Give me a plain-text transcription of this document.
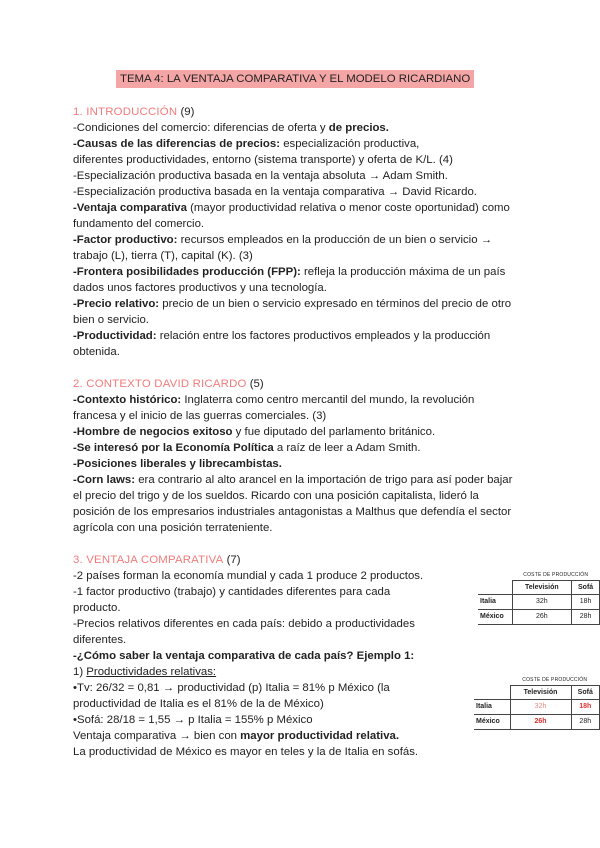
TEMA 4: LA VENTAJA COMPARATIVA Y EL MODELO RICARDIANO
1. INTRODUCCIÓN (9)
-Condiciones del comercio: diferencias de oferta y de precios.
-Causas de las diferencias de precios: especialización productiva,
diferentes productividades, entorno (sistema transporte) y oferta de K/L. (4)
-Especialización productiva basada en la ventaja absoluta → Adam Smith.
-Especialización productiva basada en la ventaja comparativa → David Ricardo.
-Ventaja comparativa (mayor productividad relativa o menor coste oportunidad) como
fundamento del comercio.
-Factor productivo: recursos empleados en la producción de un bien o servicio →
trabajo (L), tierra (T), capital (K). (3)
-Frontera posibilidades producción (FPP): refleja la producción máxima de un país
dados unos factores productivos y una tecnología.
-Precio relativo: precio de un bien o servicio expresado en términos del precio de otro
bien o servicio.
-Productividad: relación entre los factores productivos empleados y la producción
obtenida.
2. CONTEXTO DAVID RICARDO (5)
-Contexto histórico: Inglaterra como centro mercantil del mundo, la revolución
francesa y el inicio de las guerras comerciales. (3)
-Hombre de negocios exitoso y fue diputado del parlamento británico.
-Se interesó por la Economía Política a raíz de leer a Adam Smith.
-Posiciones liberales y librecambistas.
-Corn laws: era contrario al alto arancel en la importación de trigo para así poder bajar
el precio del trigo y de los sueldos. Ricardo con una posición capitalista, lideró la
posición de los empresarios industriales antagonistas a Malthus que defendía el sector
agrícola con una posición terrateniente.
3. VENTAJA COMPARATIVA (7)
-2 países forman la economía mundial y cada 1 produce 2 productos.
-1 factor productivo (trabajo) y cantidades diferentes para cada
producto.
-Precios relativos diferentes en cada país: debido a productividades
diferentes.
-¿Cómo saber la ventaja comparativa de cada país? Ejemplo 1:
1) Productividades relativas:
•Tv: 26/32 = 0,81 → productividad (p) Italia = 81% p México (la
productividad de Italia es el 81% de la de México)
•Sofá: 28/18 = 1,55 → p Italia = 155% p México
Ventaja comparativa → bien con mayor productividad relativa.
La productividad de México es mayor en teles y la de Italia en sofás.
	COSTE DE PRODUCCIÓN	
	Televisión	Sofá
Italia	32h	18h
México	26h	28h
	COSTE DE PRODUCCIÓN	
	Televisión	Sofá
Italia	32h	18h
México	26h	28h
